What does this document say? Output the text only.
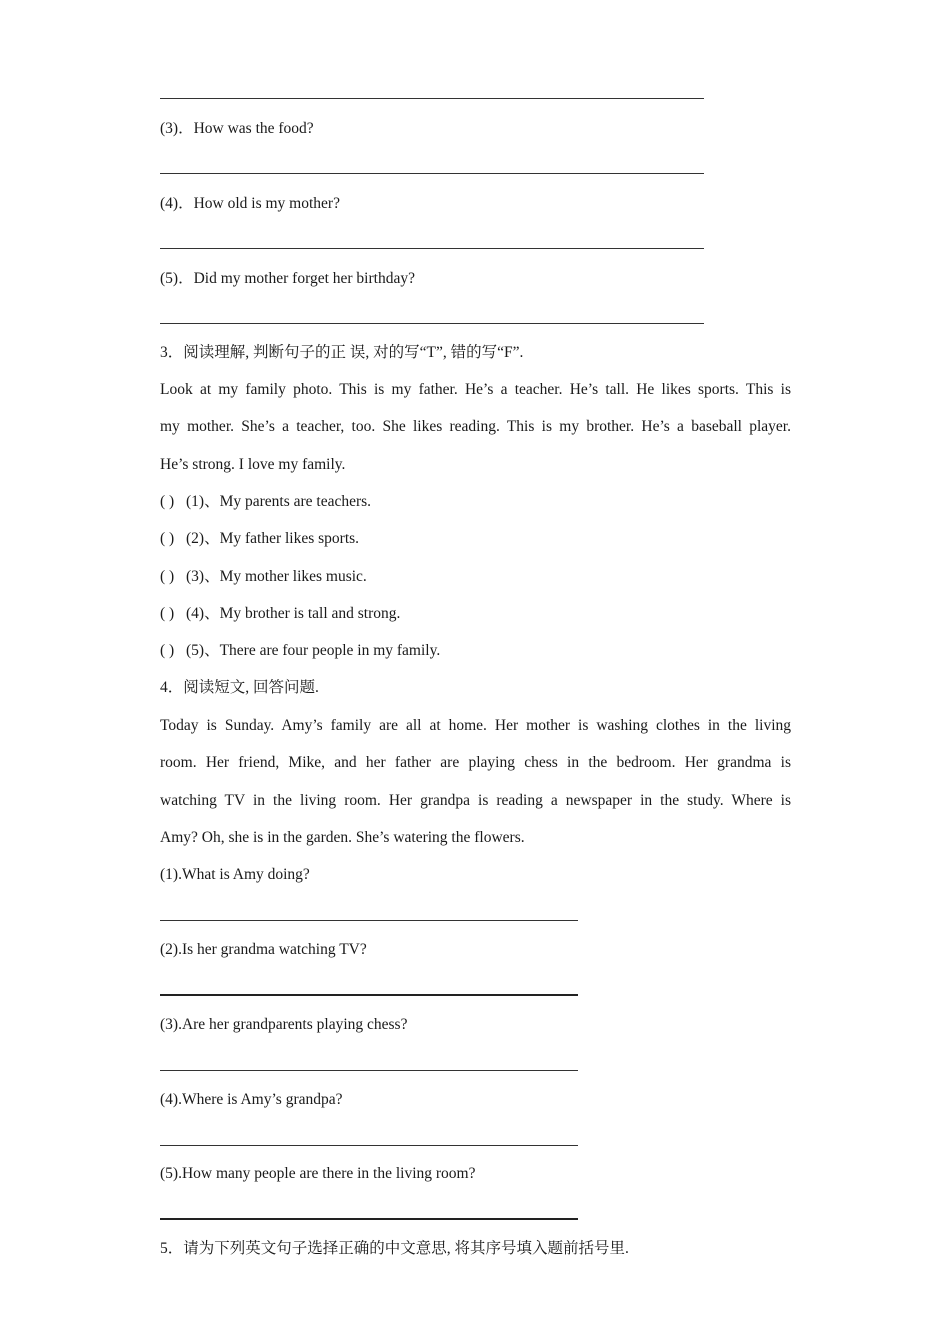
(3)．How was the food?
(4)．How old is my mother?
(5)．Did my mother forget her birthday?
3．阅读理解, 判断句子的正 误, 对的写“T”, 错的写“F”.
Look at my family photo. This is my father. He’s a teacher. He’s tall. He likes sports. This is
my mother. She’s a teacher, too. She likes reading. This is my brother. He’s a baseball player.
He’s strong. I love my family.
( ) (1)、My parents are teachers.
( ) (2)、My father likes sports.
( ) (3)、My mother likes music.
( ) (4)、My brother is tall and strong.
( ) (5)、There are four people in my family.
4．阅读短文, 回答问题.
Today is Sunday. Amy’s family are all at home. Her mother is washing clothes in the living
room. Her friend, Mike, and her father are playing chess in the bedroom. Her grandma is
watching TV in the living room. Her grandpa is reading a newspaper in the study. Where is
Amy? Oh, she is in the garden. She’s watering the flowers.
(1).What is Amy doing?
(2).Is her grandma watching TV?
(3).Are her grandparents playing chess?
(4).Where is Amy’s grandpa?
(5).How many people are there in the living room?
5．请为下列英文句子选择正确的中文意思, 将其序号填入题前括号里.
